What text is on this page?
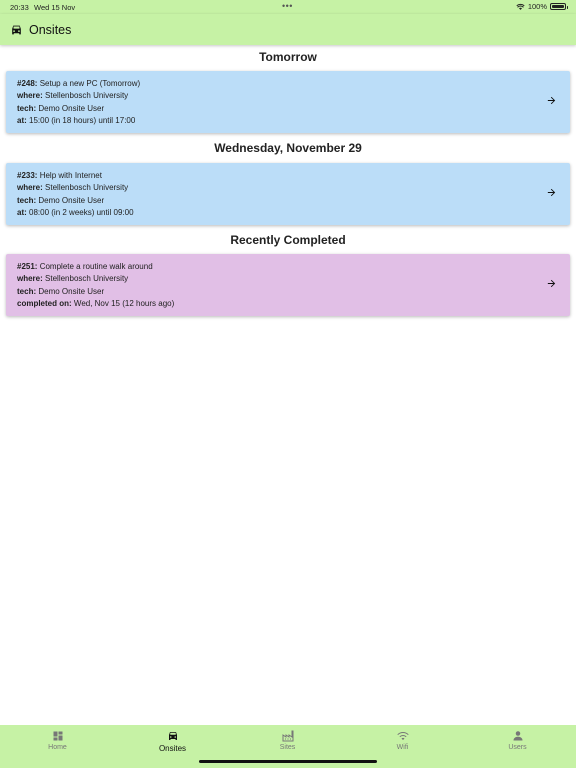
20:33 Wed 15 Nov	•••	100%
Onsites
Tomorrow
#248: Setup a new PC (Tomorrow)
where: Stellenbosch University
tech: Demo Onsite User
at: 15:00 (in 18 hours) until 17:00
Wednesday, November 29
#233: Help with Internet
where: Stellenbosch University
tech: Demo Onsite User
at: 08:00 (in 2 weeks) until 09:00
Recently Completed
#251: Complete a routine walk around
where: Stellenbosch University
tech: Demo Onsite User
completed on: Wed, Nov 15 (12 hours ago)
Home	Onsites	Sites	Wifi	Users
